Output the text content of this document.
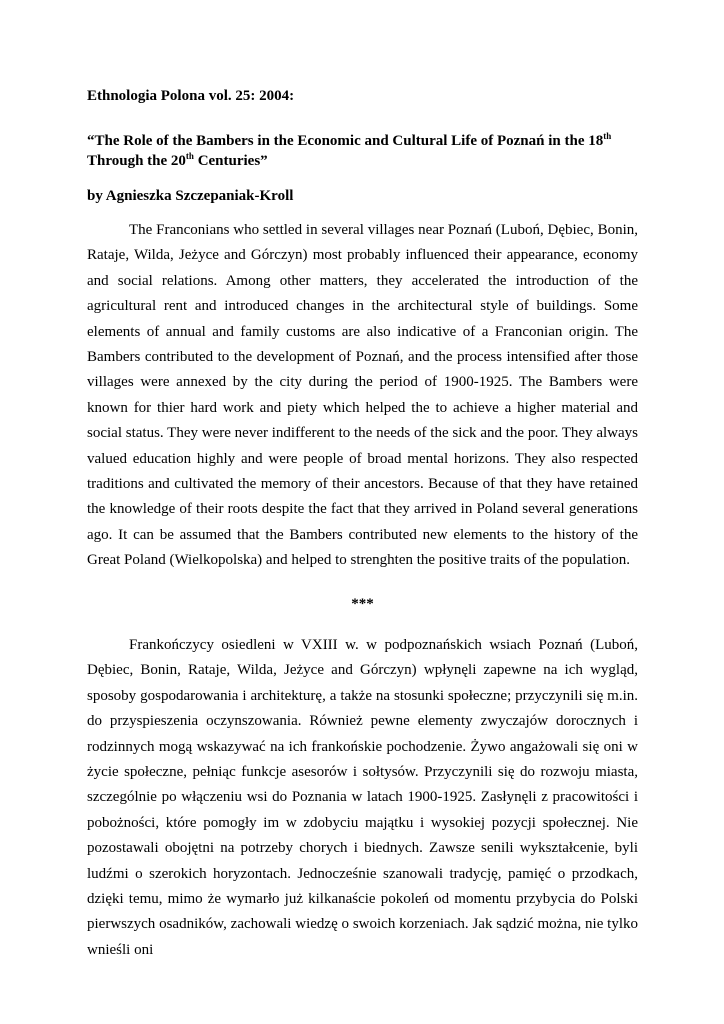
Ethnologia Polona vol. 25: 2004:
“The Role of the Bambers in the Economic and Cultural Life of Poznań in the 18th
Through the 20th Centuries”
by Agnieszka Szczepaniak-Kroll

The Franconians who settled in several villages near Poznań (Luboń, Dębiec, Bonin, Rataje, Wilda, Jeżyce and Górczyn) most probably influenced their appearance, economy and social relations. Among other matters, they accelerated the introduction of the agricultural rent and introduced changes in the architectural style of buildings. Some elements of annual and family customs are also indicative of a Franconian origin. The Bambers contributed to the development of Poznań, and the process intensified after those villages were annexed by the city during the period of 1900-1925. The Bambers were known for thier hard work and piety which helped the to achieve a higher material and social status. They were never indifferent to the needs of the sick and the poor. They always valued education highly and were people of broad mental horizons. They also respected traditions and cultivated the memory of their ancestors. Because of that they have retained the knowledge of their roots despite the fact that they arrived in Poland several generations ago. It can be assumed that the Bambers contributed new elements to the history of the Great Poland (Wielkopolska) and helped to strenghten the positive traits of the population.

***

Frankończycy osiedleni w VXIII w. w podpoznańskich wsiach Poznań (Luboń, Dębiec, Bonin, Rataje, Wilda, Jeżyce and Górczyn) wpłynęli zapewne na ich wygląd, sposoby gospodarowania i architekturę, a także na stosunki społeczne; przyczynili się m.in. do przyspieszenia oczynszowania. Również pewne elementy zwyczajów dorocznych i rodzinnych mogą wskazywać na ich frankońskie pochodzenie. Żywo angażowali się oni w życie społeczne, pełniąc funkcje asesorów i sołtysów. Przyczynili się do rozwoju miasta, szczególnie po włączeniu wsi do Poznania w latach 1900-1925. Zasłynęli z pracowitości i pobożności, które pomogły im w zdobyciu majątku i wysokiej pozycji społecznej. Nie pozostawali obojętni na potrzeby chorych i biednych. Zawsze senili wykształcenie, byli ludźmi o szerokich horyzontach. Jednocześnie szanowali tradycję, pamięć o przodkach, dzięki temu, mimo że wymarło już kilkanaście pokoleń od momentu przybycia do Polski pierwszych osadników, zachowali wiedzę o swoich korzeniach. Jak sądzić można, nie tylko wnieśli oni
